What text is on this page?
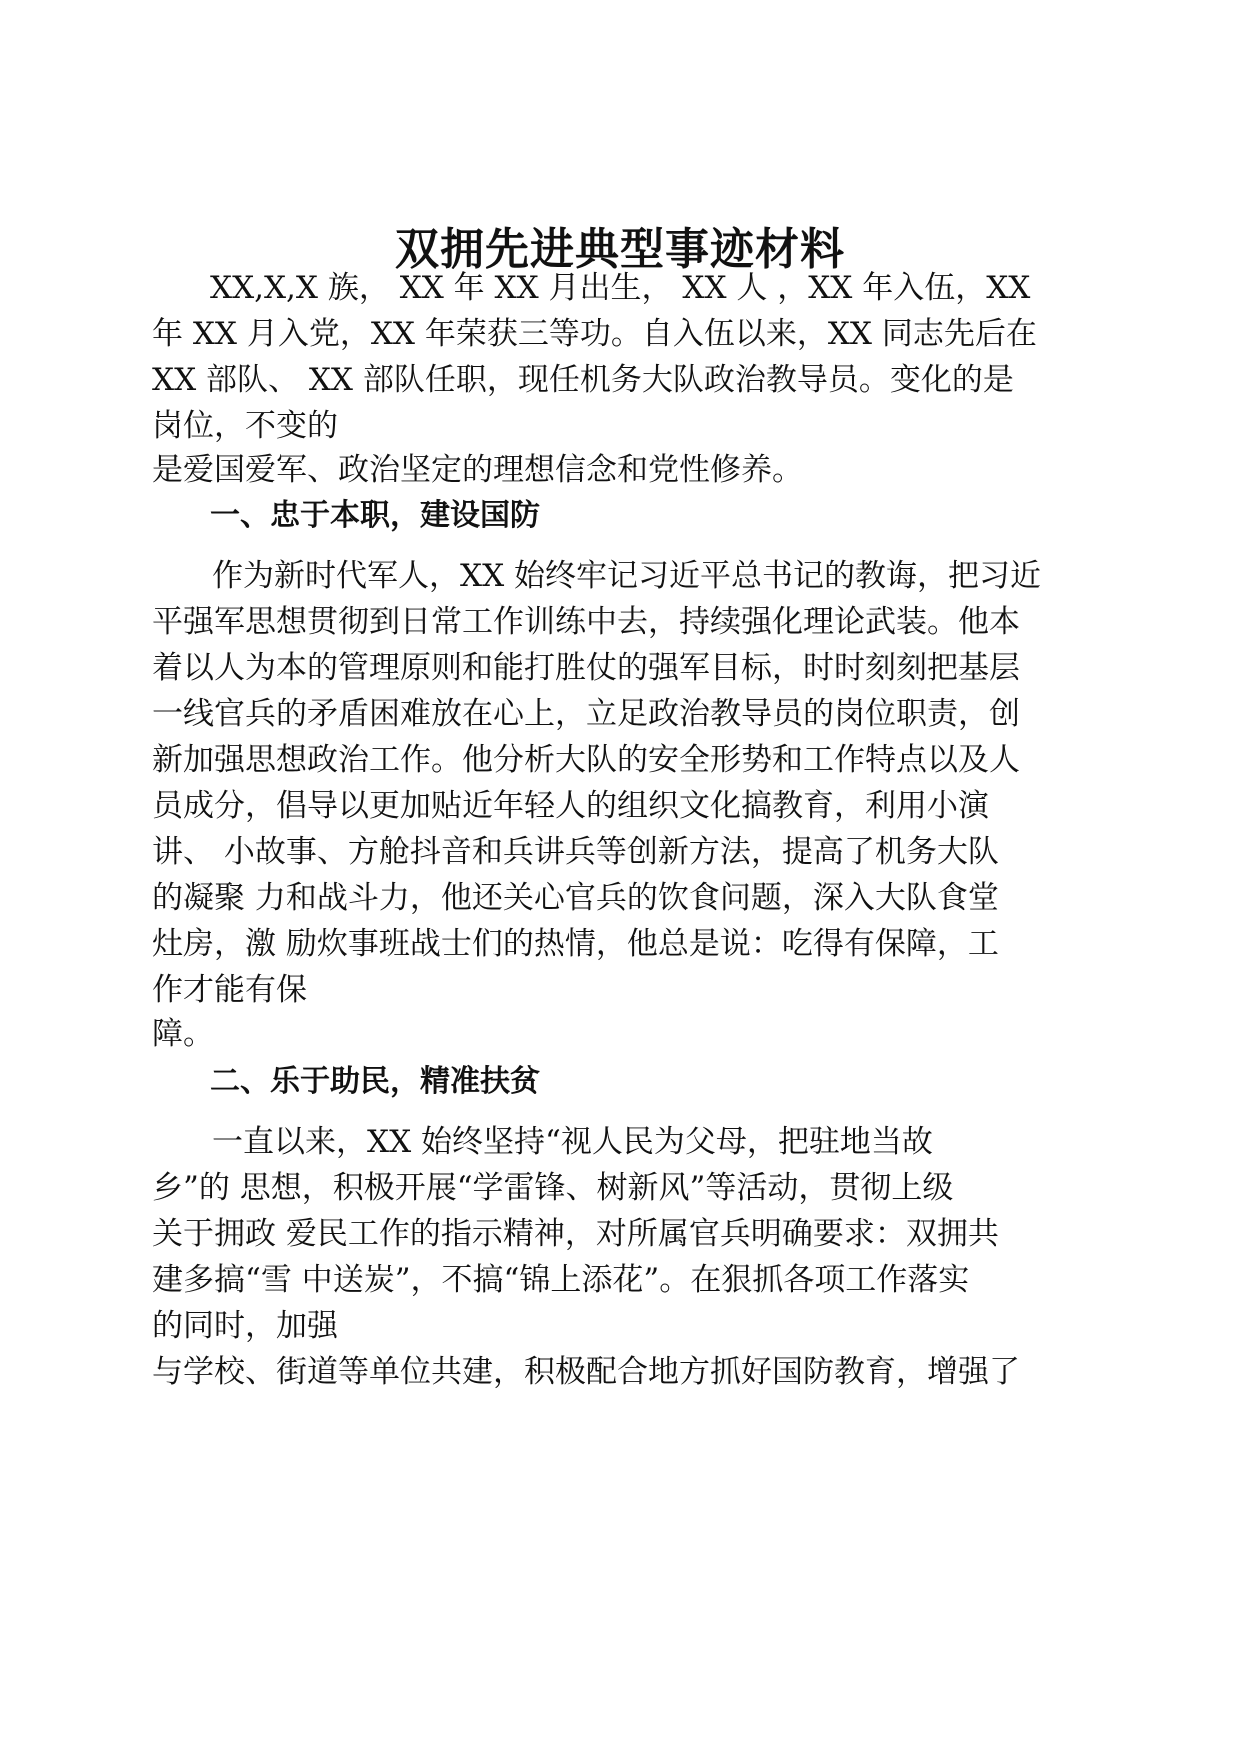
双拥先进典型事迹材料

XX,X,X 族， XX 年 XX 月出生， XX 人 ，XX 年入伍，XX

年 XX 月入党，XX 年荣获三等功。自入伍以来，XX 同志先后在

XX 部队、 XX 部队任职，现任机务大队政治教导员。变化的是

岗位，不变的

是爱国爱军、政治坚定的理想信念和党性修养。

一、忠于本职，建设国防

作为新时代军人，XX 始终牢记习近平总书记的教诲，把习近

平强军思想贯彻到日常工作训练中去，持续强化理论武装。他本

着以人为本的管理原则和能打胜仗的强军目标，时时刻刻把基层

一线官兵的矛盾困难放在心上，立足政治教导员的岗位职责，创

新加强思想政治工作。他分析大队的安全形势和工作特点以及人

员成分，倡导以更加贴近年轻人的组织文化搞教育，利用小演

讲、 小故事、方舱抖音和兵讲兵等创新方法，提高了机务大队

的凝聚 力和战斗力，他还关心官兵的饮食问题，深入大队食堂

灶房，激 励炊事班战士们的热情，他总是说：吃得有保障，工

作才能有保

障。

二、乐于助民，精准扶贫

一直以来，XX 始终坚持“视人民为父母，把驻地当故

乡”的 思想，积极开展“学雷锋、树新风”等活动，贯彻上级

关于拥政 爱民工作的指示精神，对所属官兵明确要求：双拥共

建多搞“雪 中送炭”，不搞“锦上添花”。在狠抓各项工作落实

的同时，加强

与学校、街道等单位共建，积极配合地方抓好国防教育，增强了
